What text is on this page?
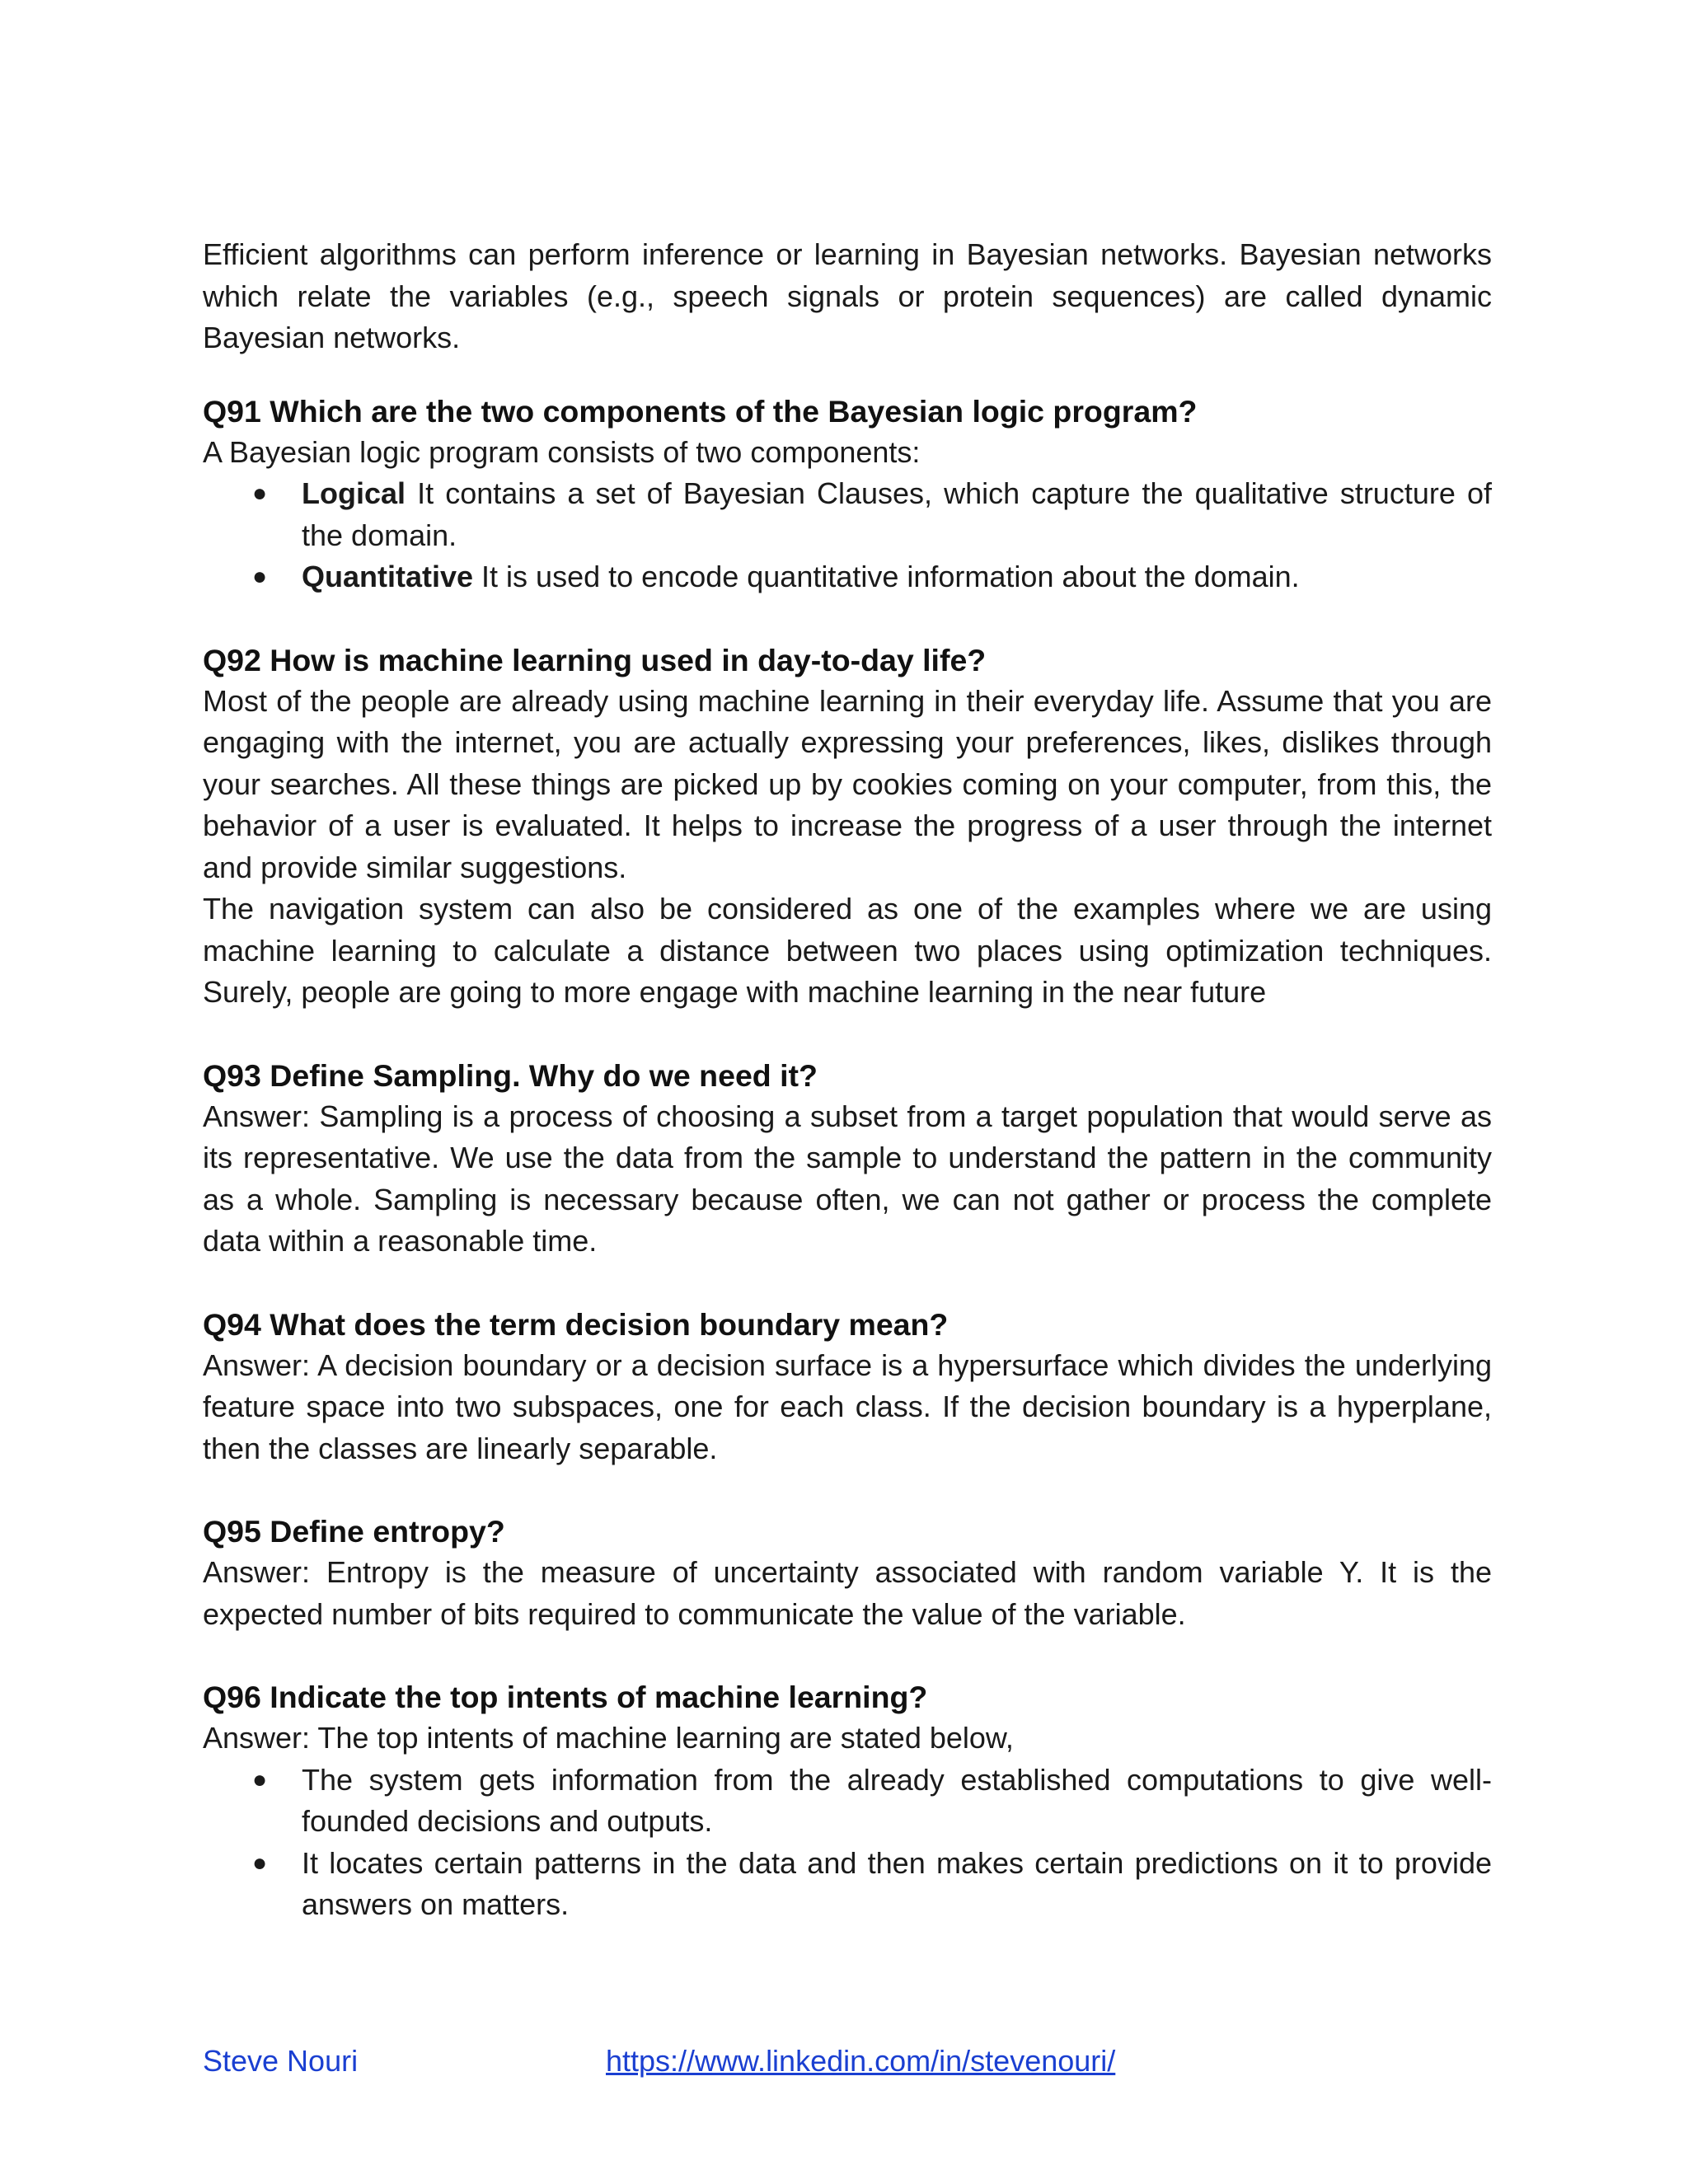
Efficient algorithms can perform inference or learning in Bayesian networks. Bayesian networks which relate the variables (e.g., speech signals or protein sequences) are called dynamic Bayesian networks.

Q91 Which are the two components of the Bayesian logic program?

A Bayesian logic program consists of two components:

● Logical It contains a set of Bayesian Clauses, which capture the qualitative structure of the domain.
● Quantitative It is used to encode quantitative information about the domain.
Q92 How is machine learning used in day-to-day life?

Most of the people are already using machine learning in their everyday life. Assume that you are engaging with the internet, you are actually expressing your preferences, likes, dislikes through your searches. All these things are picked up by cookies coming on your computer, from this, the behavior of a user is evaluated. It helps to increase the progress of a user through the internet and provide similar suggestions.

The navigation system can also be considered as one of the examples where we are using machine learning to calculate a distance between two places using optimization techniques. Surely, people are going to more engage with machine learning in the near future

Q93 Define Sampling. Why do we need it?

Answer: Sampling is a process of choosing a subset from a target population that would serve as its representative. We use the data from the sample to understand the pattern in the community as a whole. Sampling is necessary because often, we can not gather or process the complete data within a reasonable time.

Q94 What does the term decision boundary mean?

Answer: A decision boundary or a decision surface is a hypersurface which divides the underlying feature space into two subspaces, one for each class. If the decision boundary is a hyperplane, then the classes are linearly separable.

Q95 Define entropy?

Answer: Entropy is the measure of uncertainty associated with random variable Y. It is the expected number of bits required to communicate the value of the variable.

Q96 Indicate the top intents of machine learning?

Answer: The top intents of machine learning are stated below,

● The system gets information from the already established computations to give well-founded decisions and outputs.
● It locates certain patterns in the data and then makes certain predictions on it to provide answers on matters.
Steve Nouri	https://www.linkedin.com/in/stevenouri/
